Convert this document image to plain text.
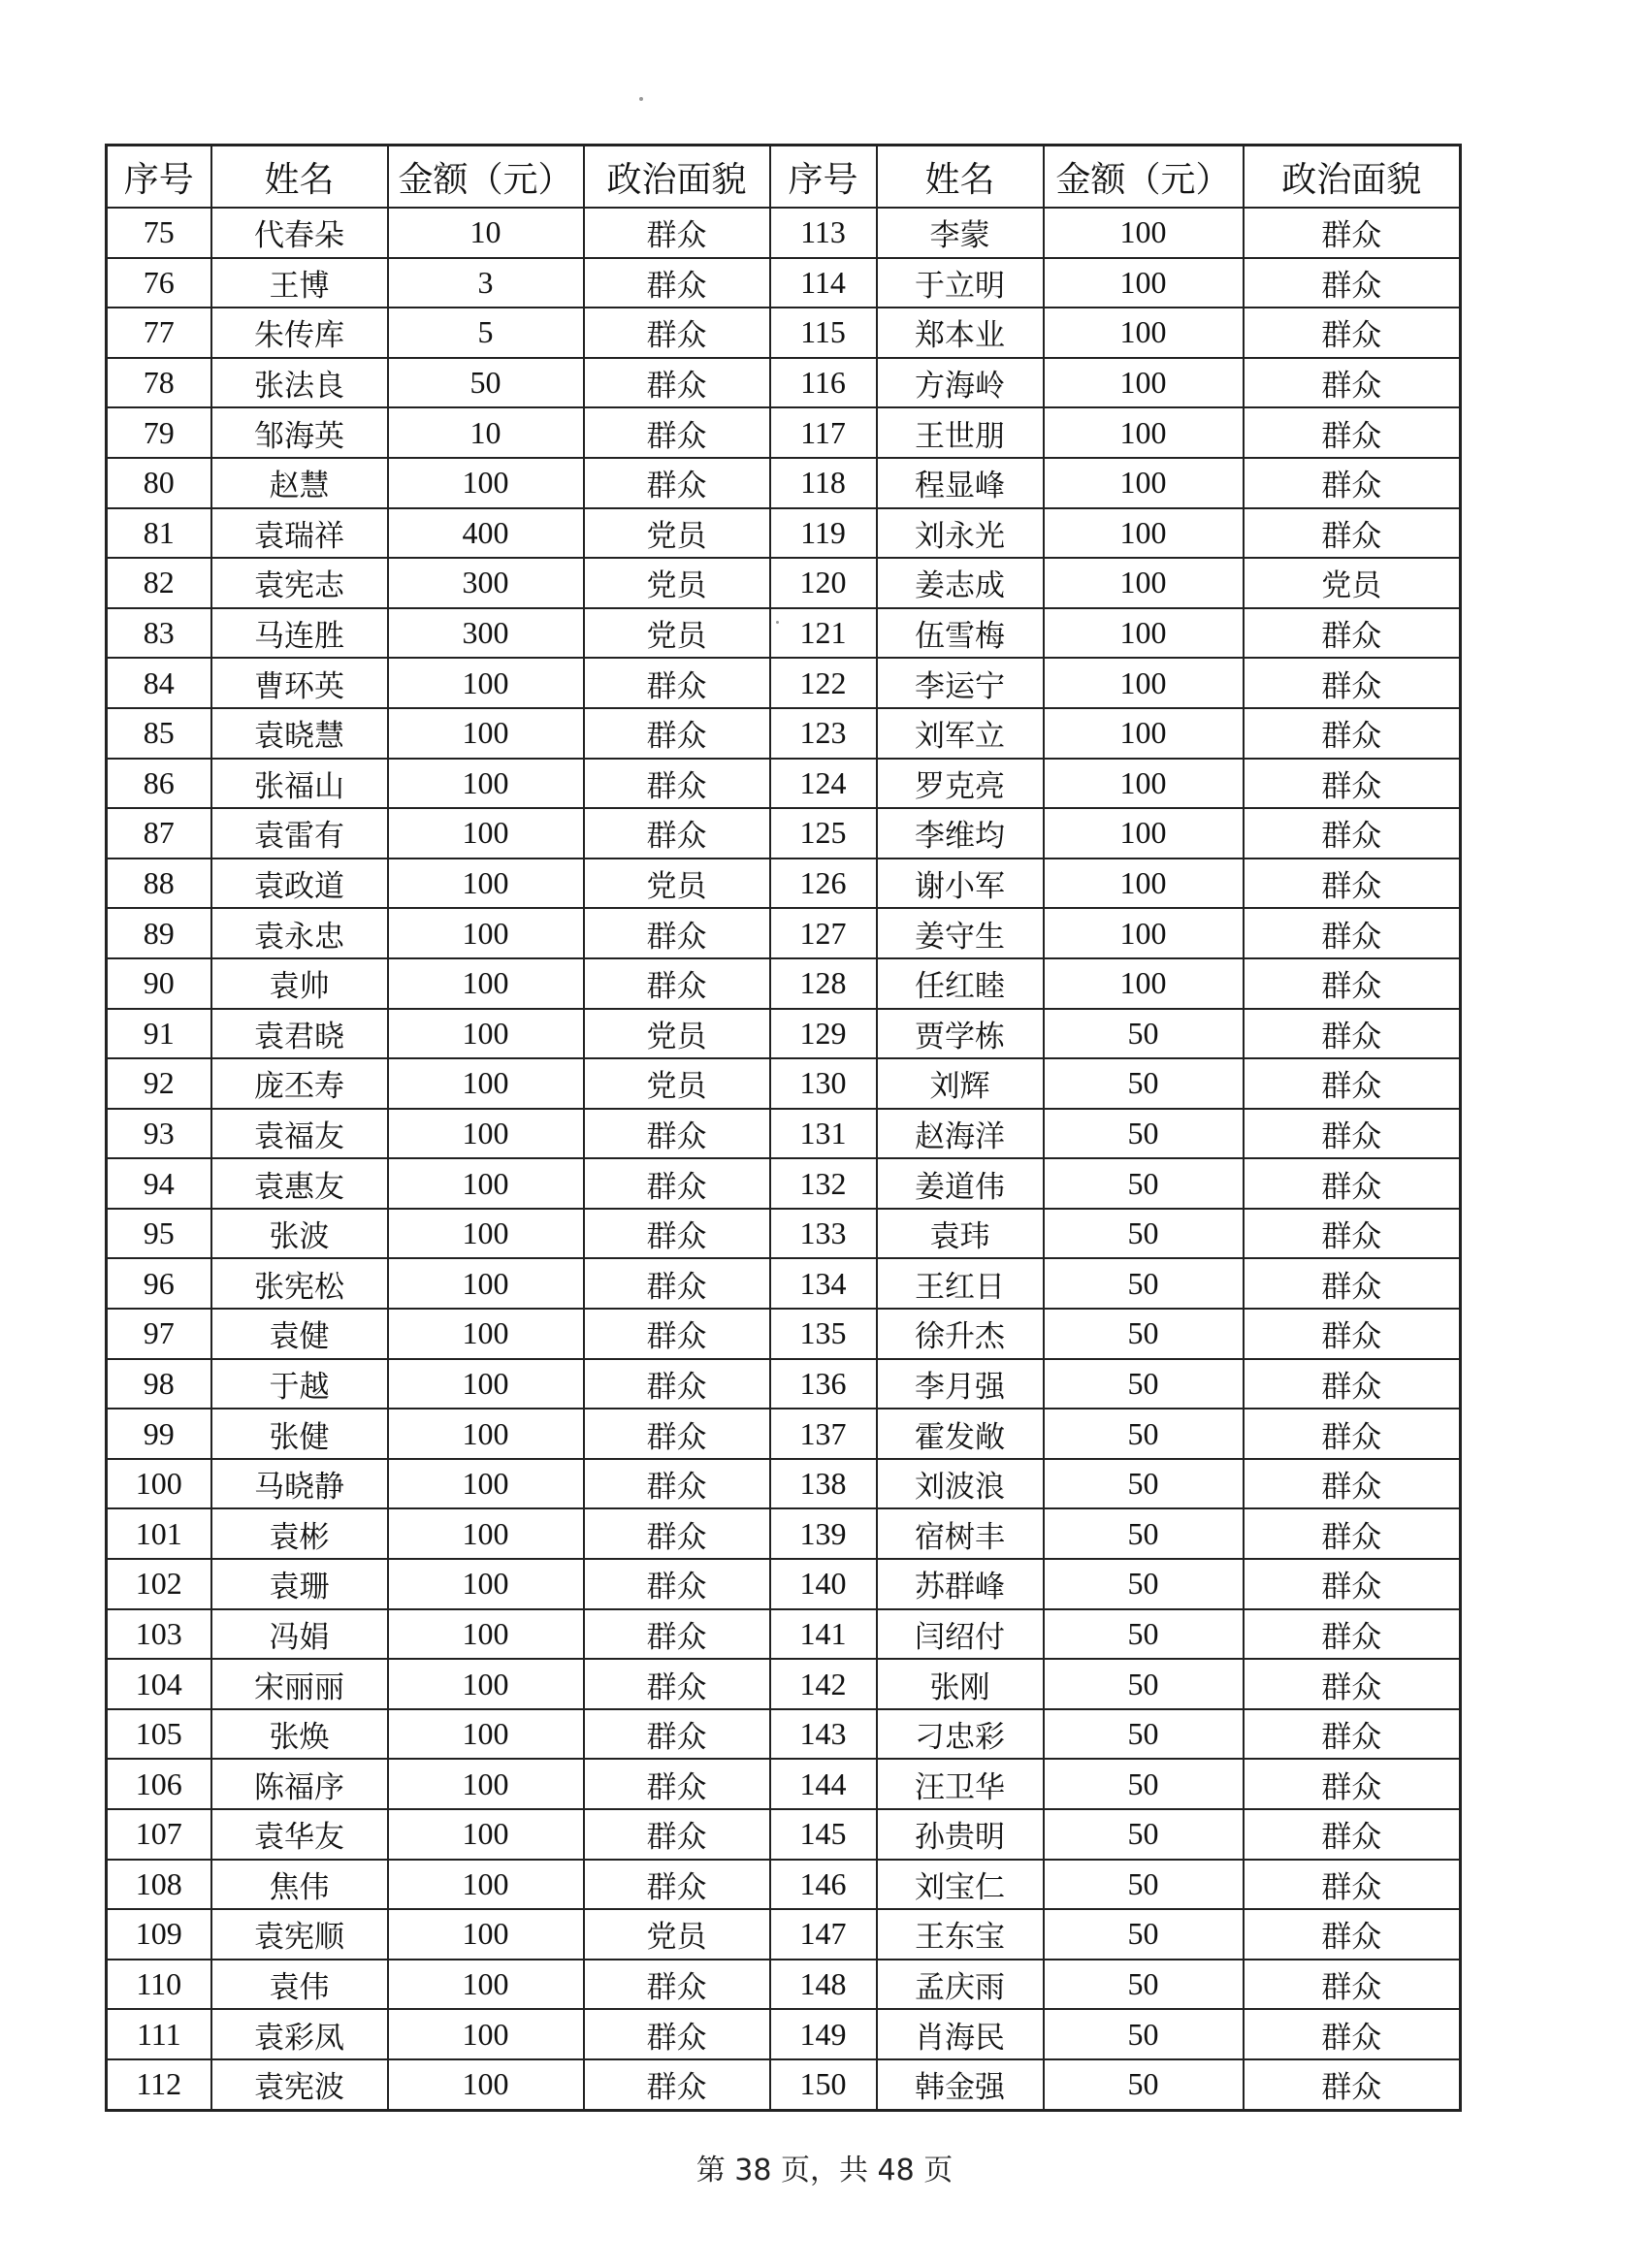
序号	姓名	金额（元）	政治面貌	序号	姓名	金额（元）	政治面貌
75	代春朵	10	群众	113	李蒙	100	群众
76	王博	3	群众	114	于立明	100	群众
77	朱传库	5	群众	115	郑本业	100	群众
78	张法良	50	群众	116	方海岭	100	群众
79	邹海英	10	群众	117	王世朋	100	群众
80	赵慧	100	群众	118	程显峰	100	群众
81	袁瑞祥	400	党员	119	刘永光	100	群众
82	袁宪志	300	党员	120	姜志成	100	党员
83	马连胜	300	党员	121	伍雪梅	100	群众
84	曹环英	100	群众	122	李运宁	100	群众
85	袁晓慧	100	群众	123	刘军立	100	群众
86	张福山	100	群众	124	罗克亮	100	群众
87	袁雷有	100	群众	125	李维均	100	群众
88	袁政道	100	党员	126	谢小军	100	群众
89	袁永忠	100	群众	127	姜守生	100	群众
90	袁帅	100	群众	128	任红睦	100	群众
91	袁君晓	100	党员	129	贾学栋	50	群众
92	庞丕寿	100	党员	130	刘辉	50	群众
93	袁福友	100	群众	131	赵海洋	50	群众
94	袁惠友	100	群众	132	姜道伟	50	群众
95	张波	100	群众	133	袁玮	50	群众
96	张宪松	100	群众	134	王红日	50	群众
97	袁健	100	群众	135	徐升杰	50	群众
98	于越	100	群众	136	李月强	50	群众
99	张健	100	群众	137	霍发敞	50	群众
100	马晓静	100	群众	138	刘波浪	50	群众
101	袁彬	100	群众	139	宿树丰	50	群众
102	袁珊	100	群众	140	苏群峰	50	群众
103	冯娟	100	群众	141	闫绍付	50	群众
104	宋丽丽	100	群众	142	张刚	50	群众
105	张焕	100	群众	143	刁忠彩	50	群众
106	陈福序	100	群众	144	汪卫华	50	群众
107	袁华友	100	群众	145	孙贵明	50	群众
108	焦伟	100	群众	146	刘宝仁	50	群众
109	袁宪顺	100	党员	147	王东宝	50	群众
110	袁伟	100	群众	148	孟庆雨	50	群众
111	袁彩凤	100	群众	149	肖海民	50	群众
112	袁宪波	100	群众	150	韩金强	50	群众
第 38 页，共 48 页
